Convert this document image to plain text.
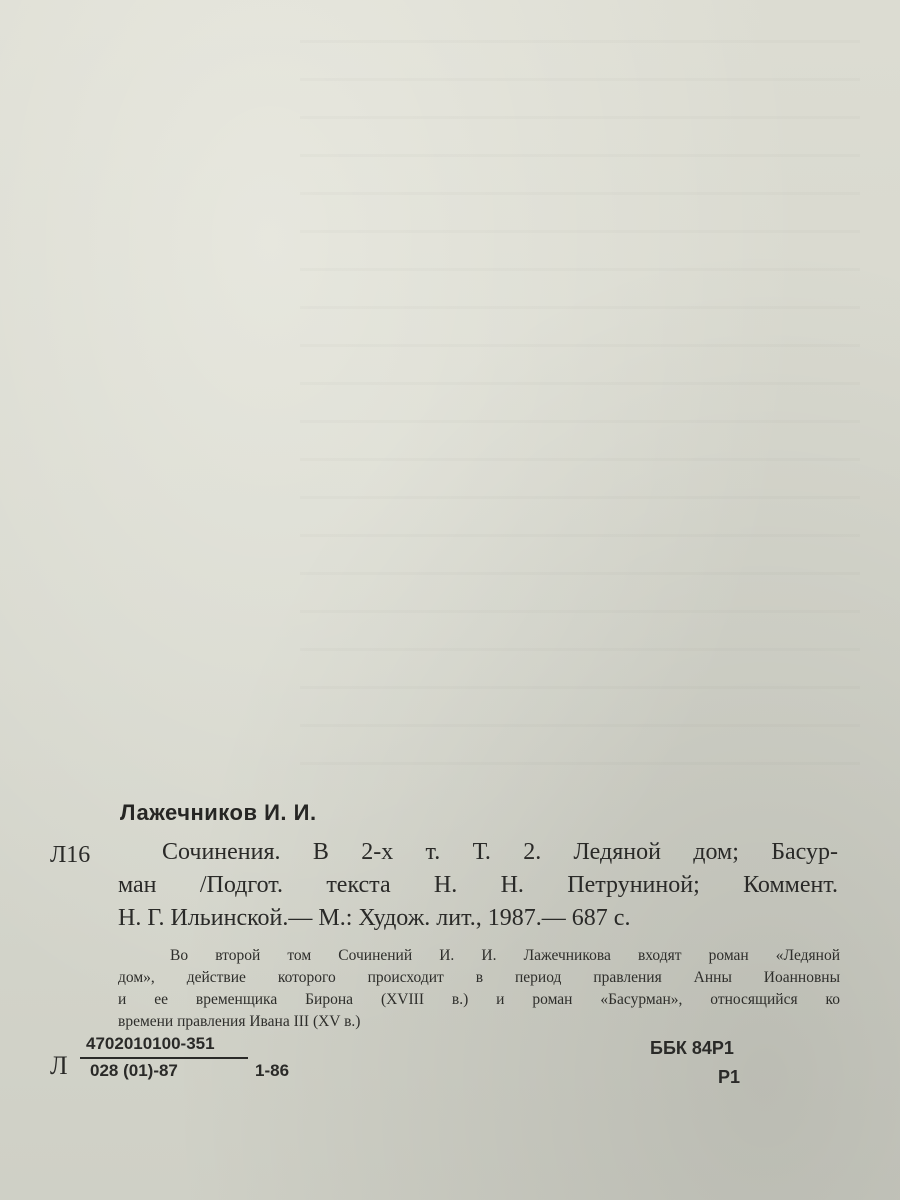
Лажечников И. И.
Л16	Сочинения. В 2-х т. Т. 2. Ледяной дом; Басур-
ман /Подгот. текста Н. Н. Петруниной; Коммент.
Н. Г. Ильинской.— М.: Худож. лит., 1987.— 687 с.
Во второй том Сочинений И. И. Лажечникова входят роман «Ледяной
дом», действие которого происходит в период правления Анны Иоанновны
и ее временщика Бирона (XVIII в.) и роман «Басурман», относящийся ко
времени правления Ивана III (XV в.)
Л
4702010100-351
028 (01)-87	1-86
ББК 84Р1
Р1
